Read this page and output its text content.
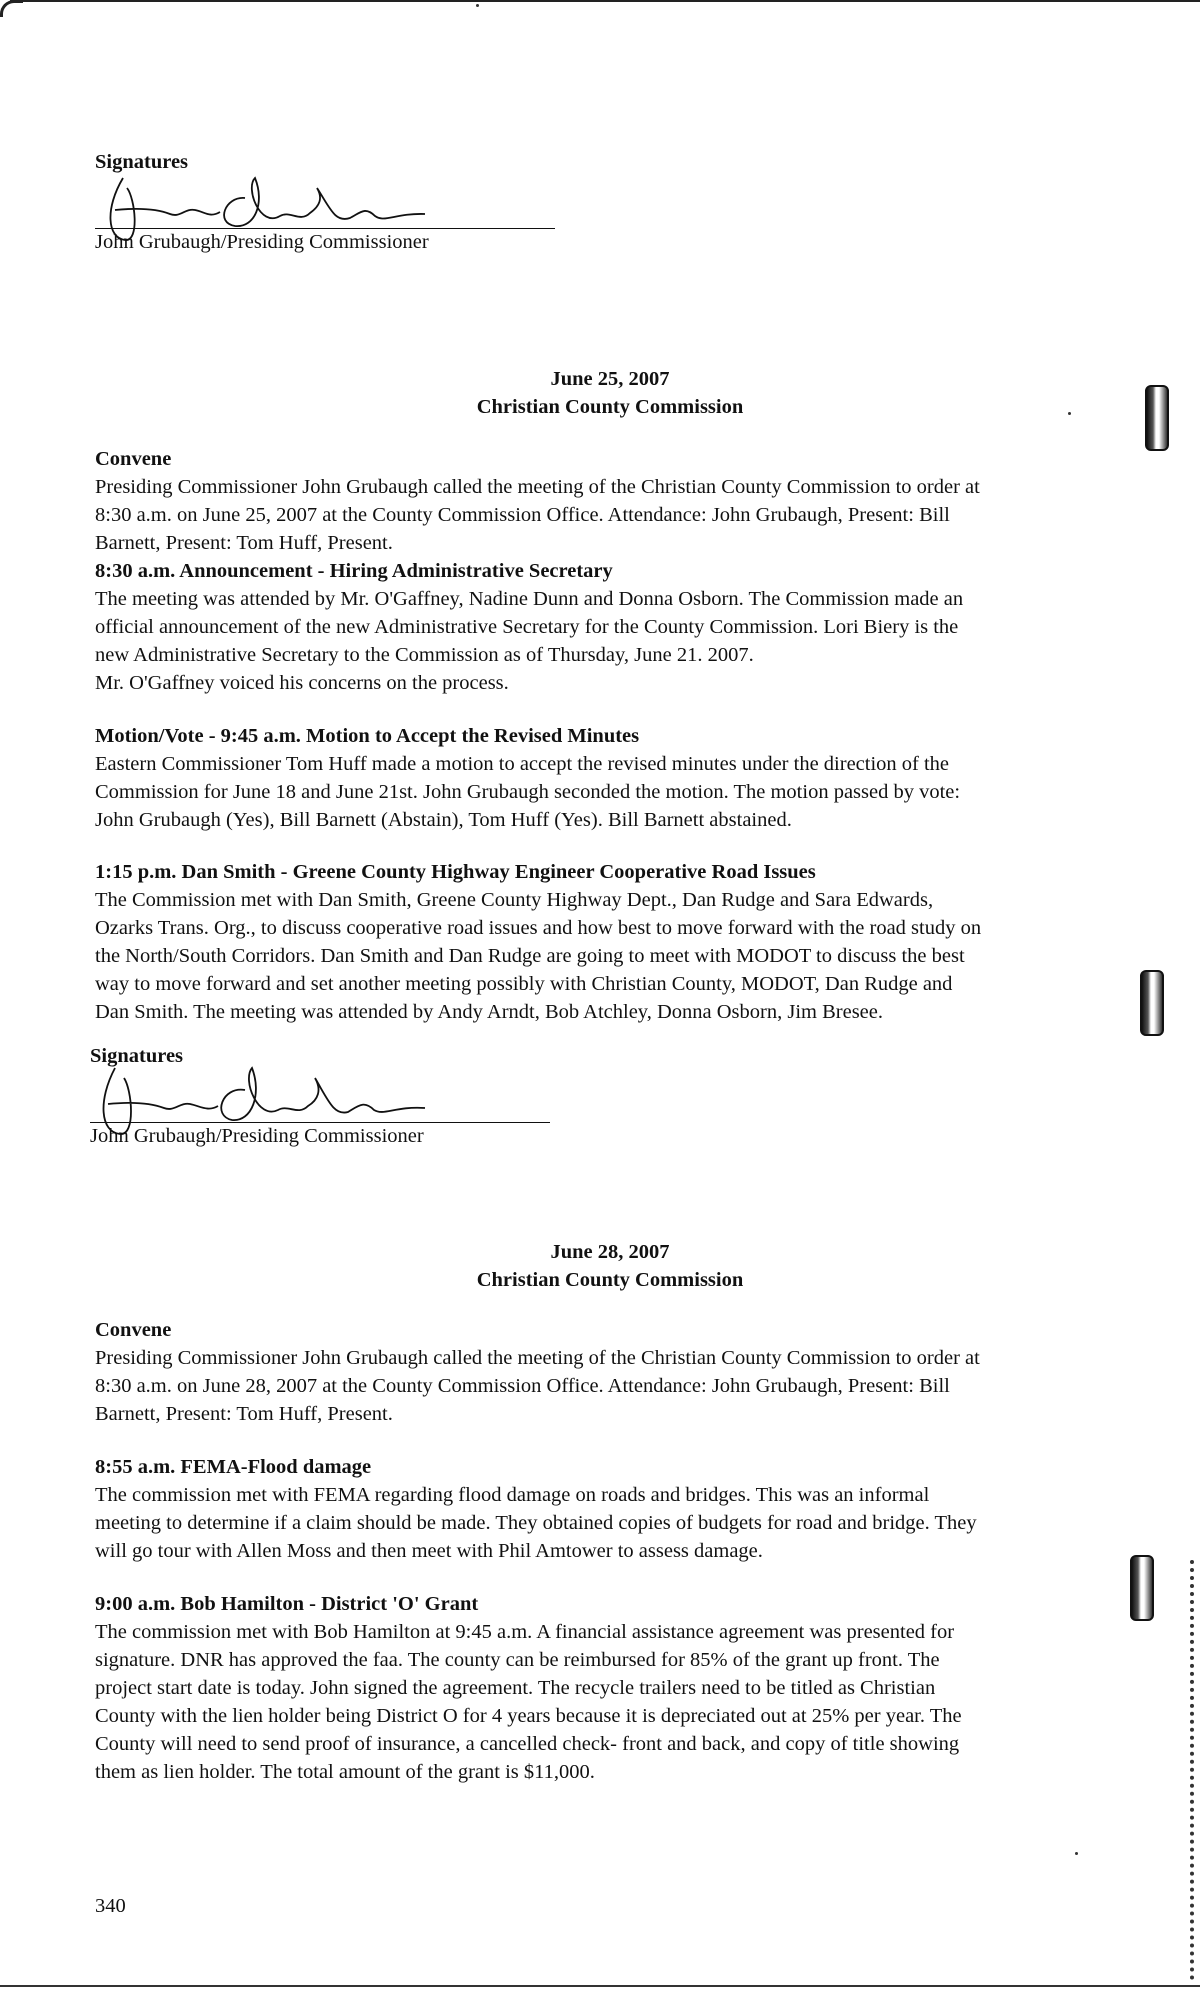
Signatures

John Grubaugh/Presiding Commissioner

June 25, 2007

Christian County Commission

Convene

Presiding Commissioner John Grubaugh called the meeting of the Christian County Commission to order at

8:30 a.m. on June 25, 2007 at the County Commission Office. Attendance: John Grubaugh, Present: Bill

Barnett, Present: Tom Huff, Present.

8:30 a.m. Announcement - Hiring Administrative Secretary

The meeting was attended by Mr. O'Gaffney, Nadine Dunn and Donna Osborn. The Commission made an

official announcement of the new Administrative Secretary for the County Commission. Lori Biery is the

new Administrative Secretary to the Commission as of Thursday, June 21. 2007.

Mr. O'Gaffney voiced his concerns on the process.

Motion/Vote - 9:45 a.m. Motion to Accept the Revised Minutes

Eastern Commissioner Tom Huff made a motion to accept the revised minutes under the direction of the

Commission for June 18 and June 21st. John Grubaugh seconded the motion. The motion passed by vote:

John Grubaugh (Yes), Bill Barnett (Abstain), Tom Huff (Yes). Bill Barnett abstained.

1:15 p.m. Dan Smith - Greene County Highway Engineer Cooperative Road Issues

The Commission met with Dan Smith, Greene County Highway Dept., Dan Rudge and Sara Edwards,

Ozarks Trans. Org., to discuss cooperative road issues and how best to move forward with the road study on

the North/South Corridors. Dan Smith and Dan Rudge are going to meet with MODOT to discuss the best

way to move forward and set another meeting possibly with Christian County, MODOT, Dan Rudge and

Dan Smith. The meeting was attended by Andy Arndt, Bob Atchley, Donna Osborn, Jim Bresee.

Signatures

John Grubaugh/Presiding Commissioner

June 28, 2007

Christian County Commission

Convene

Presiding Commissioner John Grubaugh called the meeting of the Christian County Commission to order at

8:30 a.m. on June 28, 2007 at the County Commission Office. Attendance: John Grubaugh, Present: Bill

Barnett, Present: Tom Huff, Present.

8:55 a.m. FEMA-Flood damage

The commission met with FEMA regarding flood damage on roads and bridges. This was an informal

meeting to determine if a claim should be made. They obtained copies of budgets for road and bridge. They

will go tour with Allen Moss and then meet with Phil Amtower to assess damage.

9:00 a.m. Bob Hamilton - District 'O' Grant

The commission met with Bob Hamilton at 9:45 a.m. A financial assistance agreement was presented for

signature. DNR has approved the faa. The county can be reimbursed for 85% of the grant up front. The

project start date is today. John signed the agreement. The recycle trailers need to be titled as Christian

County with the lien holder being District O for 4 years because it is depreciated out at 25% per year. The

County will need to send proof of insurance, a cancelled check- front and back, and copy of title showing

them as lien holder. The total amount of the grant is $11,000.

340
